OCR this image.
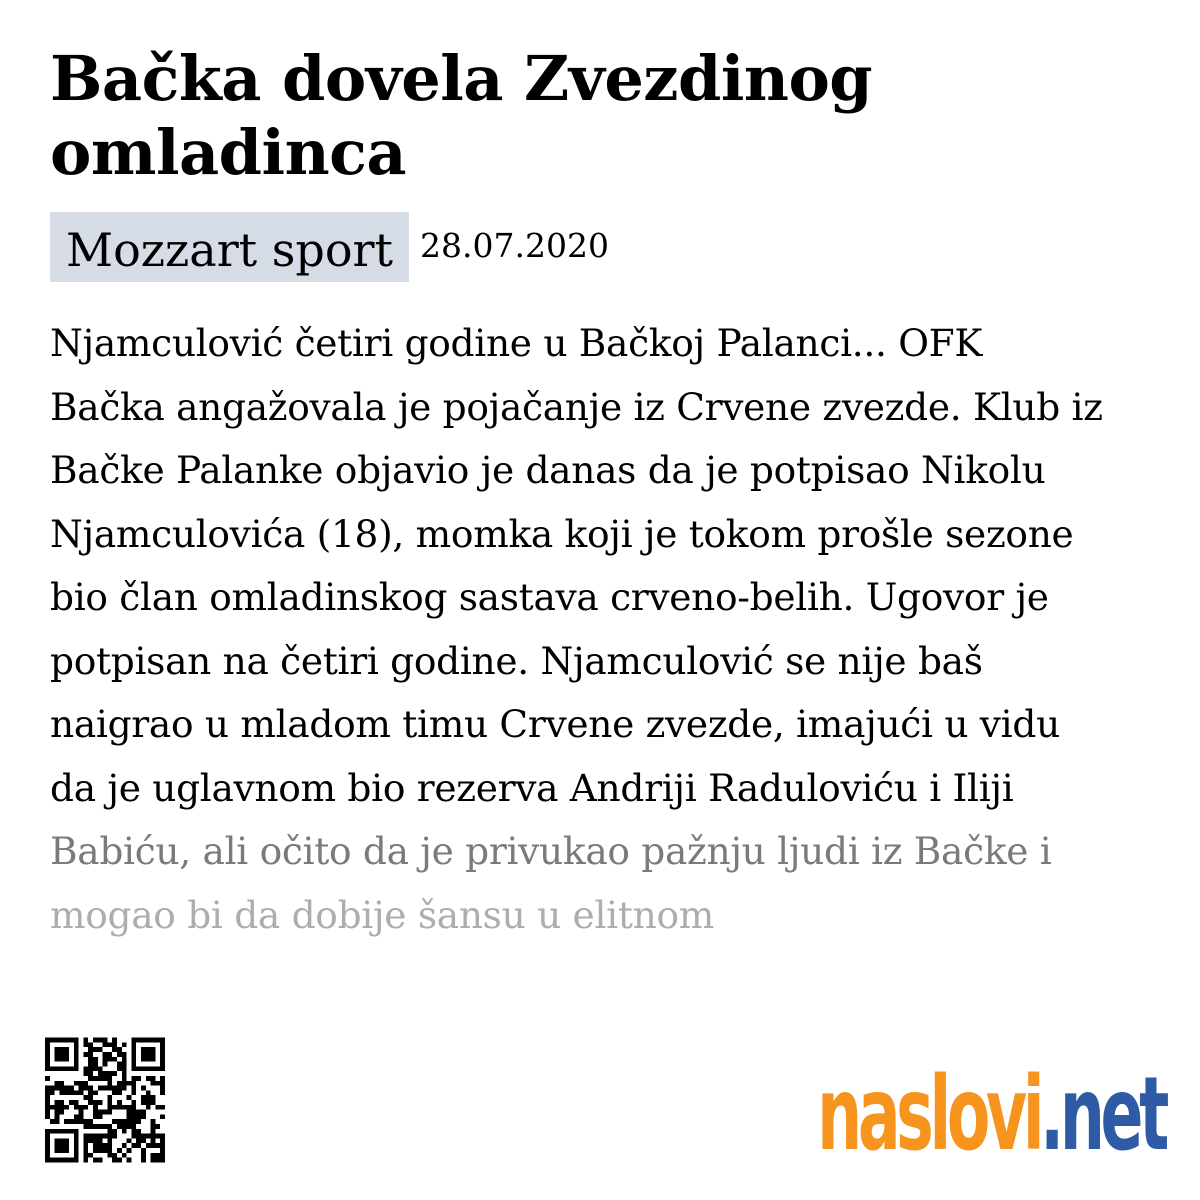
Bačka dovela Zvezdinog omladinca
Mozzart sport 28.07.2020
Njamculović četiri godine u Bačkoj Palanci... OFK
Bačka angažovala je pojačanje iz Crvene zvezde. Klub iz
Bačke Palanke objavio je danas da je potpisao Nikolu
Njamculovića (18), momka koji je tokom prošle sezone
bio član omladinskog sastava crveno-belih. Ugovor je
potpisan na četiri godine. Njamculović se nije baš
naigrao u mladom timu Crvene zvezde, imajući u vidu
da je uglavnom bio rezerva Andriji Raduloviću i Iliji
Babiću, ali očito da je privukao pažnju ljudi iz Bačke i
mogao bi da dobije šansu u elitnom
naslovi.net
